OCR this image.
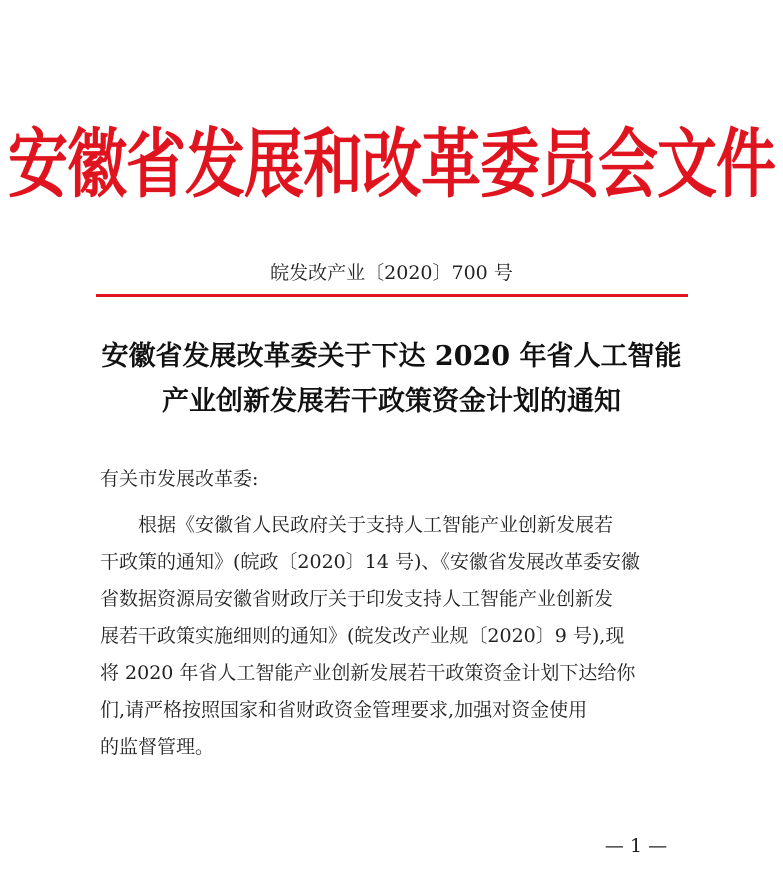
安徽省发展和改革委员会文件
皖发改产业〔2020〕700 号
安徽省发展改革委关于下达 2020 年省人工智能
产业创新发展若干政策资金计划的通知
有关市发展改革委:
根据《安徽省人民政府关于支持人工智能产业创新发展若
干政策的通知》(皖政〔2020〕14 号)、《安徽省发展改革委安徽
省数据资源局安徽省财政厅关于印发支持人工智能产业创新发
展若干政策实施细则的通知》(皖发改产业规〔2020〕9 号),现
将 2020 年省人工智能产业创新发展若干政策资金计划下达给你
们,请严格按照国家和省财政资金管理要求,加强对资金使用
的监督管理。
— 1 —
